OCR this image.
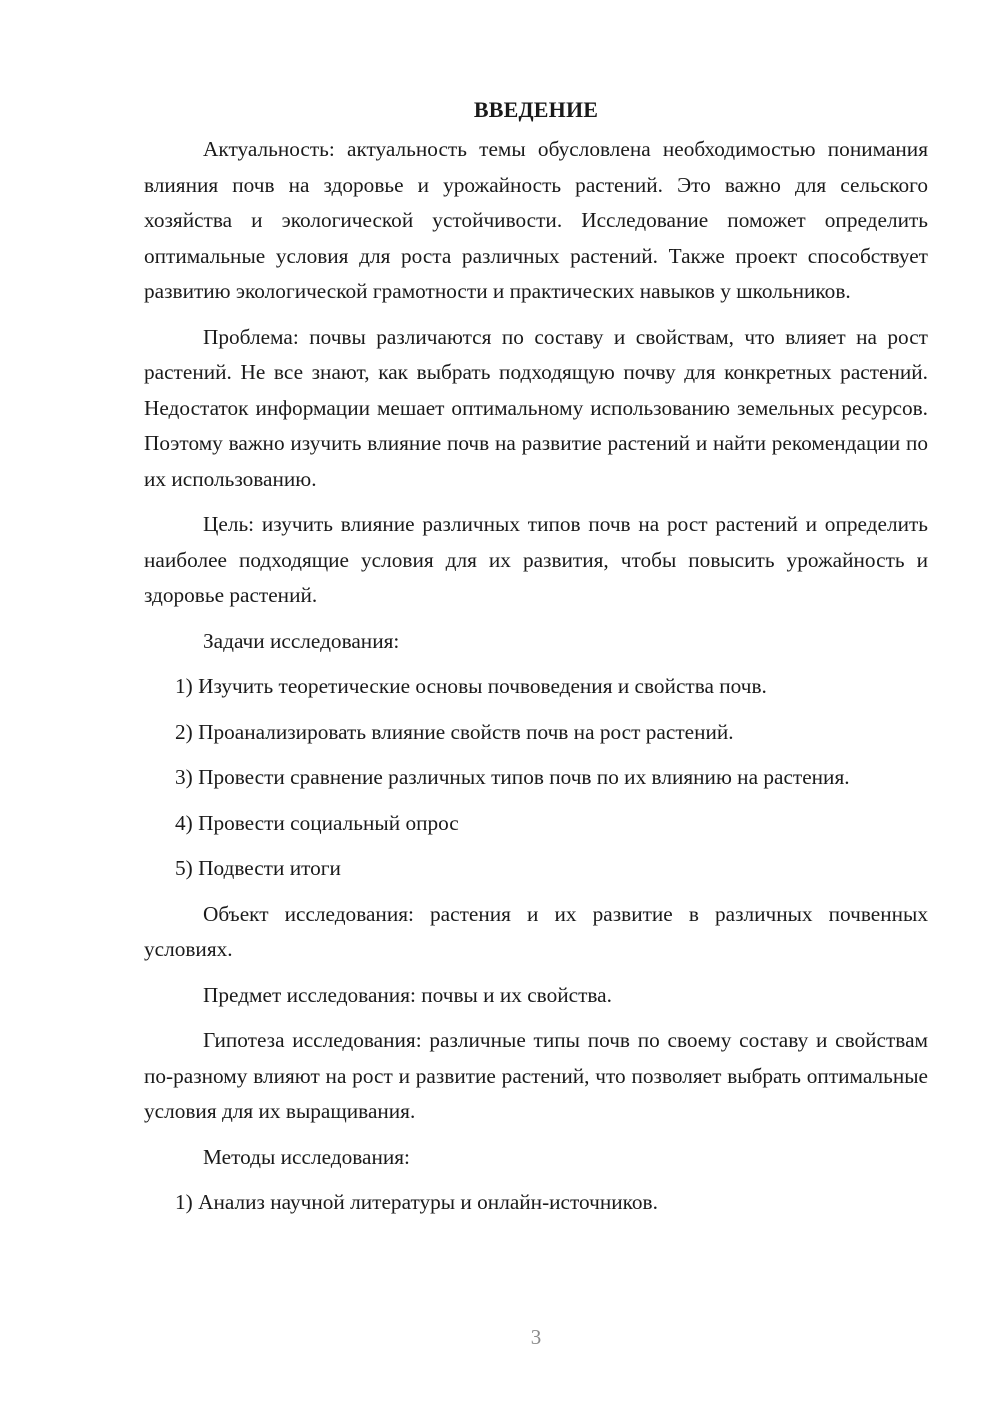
ВВЕДЕНИЕ

Актуальность: актуальность темы обусловлена необходимостью понимания влияния почв на здоровье и урожайность растений. Это важно для сельского хозяйства и экологической устойчивости. Исследование поможет определить оптимальные условия для роста различных растений. Также проект способствует развитию экологической грамотности и практических навыков у школьников.

Проблема: почвы различаются по составу и свойствам, что влияет на рост растений. Не все знают, как выбрать подходящую почву для конкретных растений. Недостаток информации мешает оптимальному использованию земельных ресурсов. Поэтому важно изучить влияние почв на развитие растений и найти рекомендации по их использованию.

Цель: изучить влияние различных типов почв на рост растений и определить наиболее подходящие условия для их развития, чтобы повысить урожайность и здоровье растений.

Задачи исследования:

1) Изучить теоретические основы почвоведения и свойства почв.

2) Проанализировать влияние свойств почв на рост растений.

3) Провести сравнение различных типов почв по их влиянию на растения.

4) Провести социальный опрос

5) Подвести итоги

Объект исследования: растения и их развитие в различных почвенных условиях.

Предмет исследования: почвы и их свойства.

Гипотеза исследования: различные типы почв по своему составу и свойствам по-разному влияют на рост и развитие растений, что позволяет выбрать оптимальные условия для их выращивания.

Методы исследования:

1) Анализ научной литературы и онлайн-источников.

3
